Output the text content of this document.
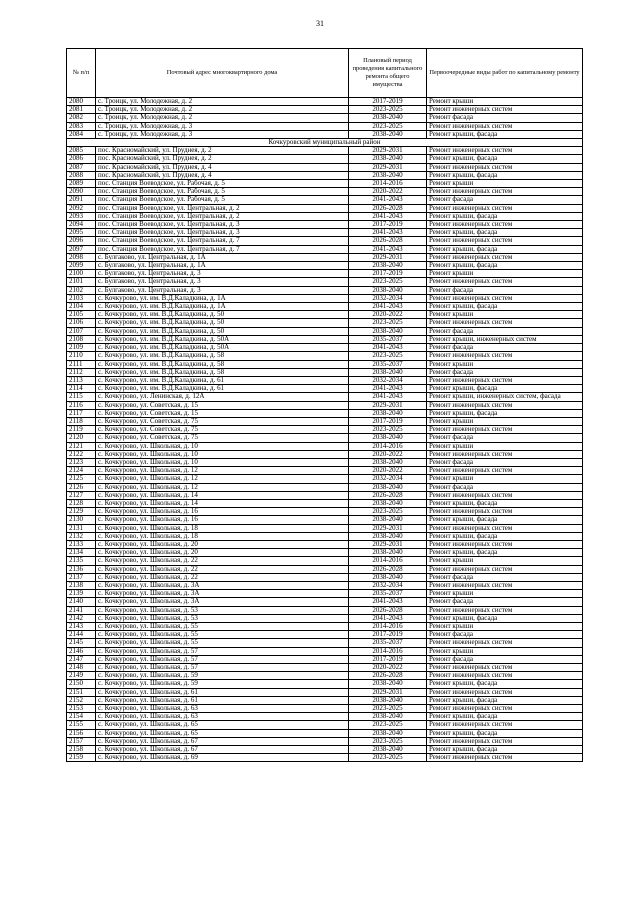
31
№ п/п	Почтовый адрес многоквартирного дома	Плановый период проведения капитального ремонта общего имущества	Первоочередные виды работ по капитальному ремонту
2080	с. Троицк, ул. Молодежная, д. 2	2017-2019	Ремонт крыши
2081	с. Троицк, ул. Молодежная, д. 2	2023-2025	Ремонт инженерных систем
2082	с. Троицк, ул. Молодежная, д. 2	2038-2040	Ремонт фасада
2083	с. Троицк, ул. Молодежная, д. 3	2023-2025	Ремонт инженерных систем
2084	с. Троицк, ул. Молодежная, д. 3	2038-2040	Ремонт крыши, фасада
Кочкуровский муниципальный район			
2085	пос. Красномайский, ул. Пруднея, д. 2	2029-2031	Ремонт инженерных систем
2086	пос. Красномайский, ул. Пруднея, д. 2	2038-2040	Ремонт крыши, фасада
2087	пос. Красномайский, ул. Пруднея, д. 4	2029-2031	Ремонт инженерных систем
2088	пос. Красномайский, ул. Пруднея, д. 4	2038-2040	Ремонт крыши, фасада
2089	пос. Станция Воеводское, ул. Рабочая, д. 5	2014-2016	Ремонт крыши
2090	пос. Станция Воеводское, ул. Рабочая, д. 5	2020-2022	Ремонт инженерных систем
2091	пос. Станция Воеводское, ул. Рабочая, д. 5	2041-2043	Ремонт фасада
2092	пос. Станция Воеводское, ул. Центральная, д. 2	2026-2028	Ремонт инженерных систем
2093	пос. Станция Воеводское, ул. Центральная, д. 2	2041-2043	Ремонт крыши, фасада
2094	пос. Станция Воеводское, ул. Центральная, д. 3	2017-2019	Ремонт инженерных систем
2095	пос. Станция Воеводское, ул. Центральная, д. 3	2041-2043	Ремонт крыши, фасада
2096	пос. Станция Воеводское, ул. Центральная, д. 7	2026-2028	Ремонт инженерных систем
2097	пос. Станция Воеводское, ул. Центральная, д. 7	2041-2043	Ремонт крыши, фасада
2098	с. Булгаково, ул. Центральная, д. 1А	2029-2031	Ремонт инженерных систем
2099	с. Булгаково, ул. Центральная, д. 1А	2038-2040	Ремонт крыши, фасада
2100	с. Булгаково, ул. Центральная, д. 3	2017-2019	Ремонт крыши
2101	с. Булгаково, ул. Центральная, д. 3	2023-2025	Ремонт инженерных систем
2102	с. Булгаково, ул. Центральная, д. 3	2038-2040	Ремонт фасада
2103	с. Кочкурово, ул. им. В.Д.Каладкина, д. 1А	2032-2034	Ремонт инженерных систем
2104	с. Кочкурово, ул. им. В.Д.Каладкина, д. 1А	2041-2043	Ремонт крыши, фасада
2105	с. Кочкурово, ул. им. В.Д.Каладкина, д. 50	2020-2022	Ремонт крыши
2106	с. Кочкурово, ул. им. В.Д.Каладкина, д. 50	2023-2025	Ремонт инженерных систем
2107	с. Кочкурово, ул. им. В.Д.Каладкина, д. 50	2038-2040	Ремонт фасада
2108	с. Кочкурово, ул. им. В.Д.Каладкина, д. 50А	2035-2037	Ремонт крыши, инженерных систем
2109	с. Кочкурово, ул. им. В.Д.Каладкина, д. 50А	2041-2043	Ремонт фасада
2110	с. Кочкурово, ул. им. В.Д.Каладкина, д. 58	2023-2025	Ремонт инженерных систем
2111	с. Кочкурово, ул. им. В.Д.Каладкина, д. 58	2035-2037	Ремонт крыши
2112	с. Кочкурово, ул. им. В.Д.Каладкина, д. 58	2038-2040	Ремонт фасада
2113	с. Кочкурово, ул. им. В.Д.Каладкина, д. 61	2032-2034	Ремонт инженерных систем
2114	с. Кочкурово, ул. им. В.Д.Каладкина, д. 61	2041-2043	Ремонт крыши, фасада
2115	с. Кочкурово, ул. Ленинская, д. 12А	2041-2043	Ремонт крыши, инженерных систем, фасада
2116	с. Кочкурово, ул. Советская, д. 15	2029-2031	Ремонт инженерных систем
2117	с. Кочкурово, ул. Советская, д. 15	2038-2040	Ремонт крыши, фасада
2118	с. Кочкурово, ул. Советская, д. 75	2017-2019	Ремонт крыши
2119	с. Кочкурово, ул. Советская, д. 75	2023-2025	Ремонт инженерных систем
2120	с. Кочкурово, ул. Советская, д. 75	2038-2040	Ремонт фасада
2121	с. Кочкурово, ул. Школьная, д. 10	2014-2016	Ремонт крыши
2122	с. Кочкурово, ул. Школьная, д. 10	2020-2022	Ремонт инженерных систем
2123	с. Кочкурово, ул. Школьная, д. 10	2038-2040	Ремонт фасада
2124	с. Кочкурово, ул. Школьная, д. 12	2020-2022	Ремонт инженерных систем
2125	с. Кочкурово, ул. Школьная, д. 12	2032-2034	Ремонт крыши
2126	с. Кочкурово, ул. Школьная, д. 12	2038-2040	Ремонт фасада
2127	с. Кочкурово, ул. Школьная, д. 14	2026-2028	Ремонт инженерных систем
2128	с. Кочкурово, ул. Школьная, д. 14	2038-2040	Ремонт крыши, фасада
2129	с. Кочкурово, ул. Школьная, д. 16	2023-2025	Ремонт инженерных систем
2130	с. Кочкурово, ул. Школьная, д. 16	2038-2040	Ремонт крыши, фасада
2131	с. Кочкурово, ул. Школьная, д. 18	2029-2031	Ремонт инженерных систем
2132	с. Кочкурово, ул. Школьная, д. 18	2038-2040	Ремонт крыши, фасада
2133	с. Кочкурово, ул. Школьная, д. 20	2029-2031	Ремонт инженерных систем
2134	с. Кочкурово, ул. Школьная, д. 20	2038-2040	Ремонт крыши, фасада
2135	с. Кочкурово, ул. Школьная, д. 22	2014-2016	Ремонт крыши
2136	с. Кочкурово, ул. Школьная, д. 22	2026-2028	Ремонт инженерных систем
2137	с. Кочкурово, ул. Школьная, д. 22	2038-2040	Ремонт фасада
2138	с. Кочкурово, ул. Школьная, д. 3А	2032-2034	Ремонт инженерных систем
2139	с. Кочкурово, ул. Школьная, д. 3А	2035-2037	Ремонт крыши
2140	с. Кочкурово, ул. Школьная, д. 3А	2041-2043	Ремонт фасада
2141	с. Кочкурово, ул. Школьная, д. 53	2026-2028	Ремонт инженерных систем
2142	с. Кочкурово, ул. Школьная, д. 53	2041-2043	Ремонт крыши, фасада
2143	с. Кочкурово, ул. Школьная, д. 55	2014-2016	Ремонт крыши
2144	с. Кочкурово, ул. Школьная, д. 55	2017-2019	Ремонт фасада
2145	с. Кочкурово, ул. Школьная, д. 55	2035-2037	Ремонт инженерных систем
2146	с. Кочкурово, ул. Школьная, д. 57	2014-2016	Ремонт крыши
2147	с. Кочкурово, ул. Школьная, д. 57	2017-2019	Ремонт фасада
2148	с. Кочкурово, ул. Школьная, д. 57	2020-2022	Ремонт инженерных систем
2149	с. Кочкурово, ул. Школьная, д. 59	2026-2028	Ремонт инженерных систем
2150	с. Кочкурово, ул. Школьная, д. 59	2038-2040	Ремонт крыши, фасада
2151	с. Кочкурово, ул. Школьная, д. 61	2029-2031	Ремонт инженерных систем
2152	с. Кочкурово, ул. Школьная, д. 61	2038-2040	Ремонт крыши, фасада
2153	с. Кочкурово, ул. Школьная, д. 63	2023-2025	Ремонт инженерных систем
2154	с. Кочкурово, ул. Школьная, д. 63	2038-2040	Ремонт крыши, фасада
2155	с. Кочкурово, ул. Школьная, д. 65	2023-2025	Ремонт инженерных систем
2156	с. Кочкурово, ул. Школьная, д. 65	2038-2040	Ремонт крыши, фасада
2157	с. Кочкурово, ул. Школьная, д. 67	2023-2025	Ремонт инженерных систем
2158	с. Кочкурово, ул. Школьная, д. 67	2038-2040	Ремонт крыши, фасада
2159	с. Кочкурово, ул. Школьная, д. 69	2023-2025	Ремонт инженерных систем
